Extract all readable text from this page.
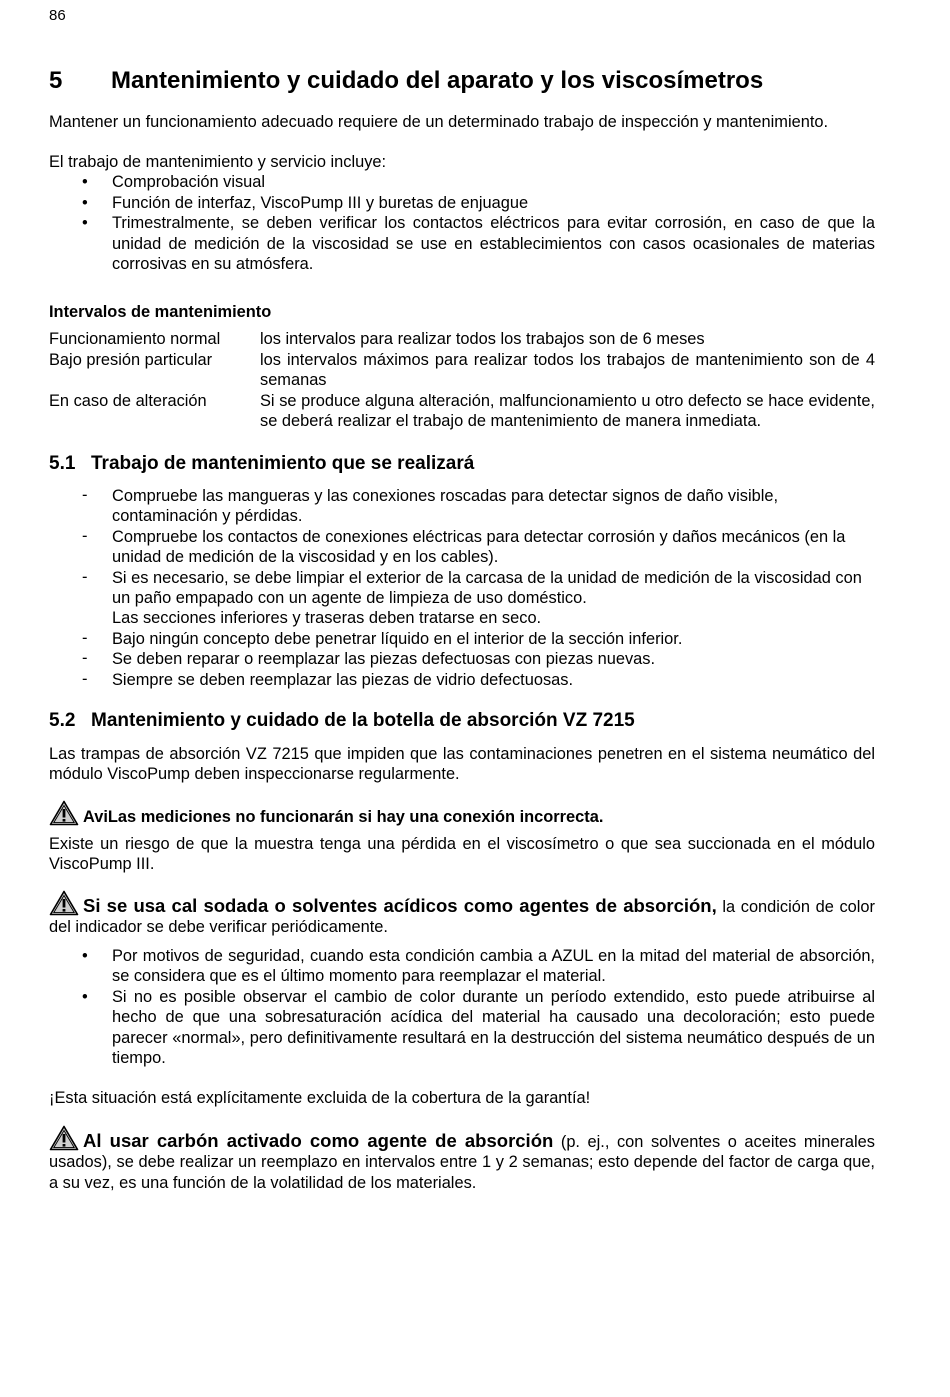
86
5 Mantenimiento y cuidado del aparato y los viscosímetros

Mantener un funcionamiento adecuado requiere de un determinado trabajo de inspección y mantenimiento.

El trabajo de mantenimiento y servicio incluye:

• Comprobación visual
• Función de interfaz, ViscoPump III y buretas de enjuague
• Trimestralmente, se deben verificar los contactos eléctricos para evitar corrosión, en caso de que la unidad de medición de la viscosidad se use en establecimientos con casos ocasionales de materias corrosivas en su atmósfera.

Intervalos de mantenimiento

Funcionamiento normal	los intervalos para realizar todos los trabajos son de 6 meses
Bajo presión particular	los intervalos máximos para realizar todos los trabajos de mantenimiento son de 4 semanas
En caso de alteración	Si se produce alguna alteración, malfuncionamiento u otro defecto se hace evidente, se deberá realizar el trabajo de mantenimiento de manera inmediata.
5.1 Trabajo de mantenimiento que se realizará
- Compruebe las mangueras y las conexiones roscadas para detectar signos de daño visible, contaminación y pérdidas.
- Compruebe los contactos de conexiones eléctricas para detectar corrosión y daños mecánicos (en la unidad de medición de la viscosidad y en los cables).
- Si es necesario, se debe limpiar el exterior de la carcasa de la unidad de medición de la viscosidad con un paño empapado con un agente de limpieza de uso doméstico.
Las secciones inferiores y traseras deben tratarse en seco.
- Bajo ningún concepto debe penetrar líquido en el interior de la sección inferior.
- Se deben reparar o reemplazar las piezas defectuosas con piezas nuevas.
- Siempre se deben reemplazar las piezas de vidrio defectuosas.
5.2 Mantenimiento y cuidado de la botella de absorción VZ 7215

Las trampas de absorción VZ 7215 que impiden que las contaminaciones penetren en el sistema neumático del módulo ViscoPump deben inspeccionarse regularmente.

AviLas mediciones no funcionarán si hay una conexión incorrecta.

Existe un riesgo de que la muestra tenga una pérdida en el viscosímetro o que sea succionada en el módulo ViscoPump III.

Si se usa cal sodada o solventes acídicos como agentes de absorción, la condición de color del indicador se debe verificar periódicamente.

• Por motivos de seguridad, cuando esta condición cambia a AZUL en la mitad del material de absorción, se considera que es el último momento para reemplazar el material.
• Si no es posible observar el cambio de color durante un período extendido, esto puede atribuirse al hecho de que una sobresaturación acídica del material ha causado una decoloración; esto puede parecer «normal», pero definitivamente resultará en la destrucción del sistema neumático después de un tiempo.

¡Esta situación está explícitamente excluida de la cobertura de la garantía!

Al usar carbón activado como agente de absorción (p. ej., con solventes o aceites minerales usados), se debe realizar un reemplazo en intervalos entre 1 y 2 semanas; esto depende del factor de carga que, a su vez, es una función de la volatilidad de los materiales.
